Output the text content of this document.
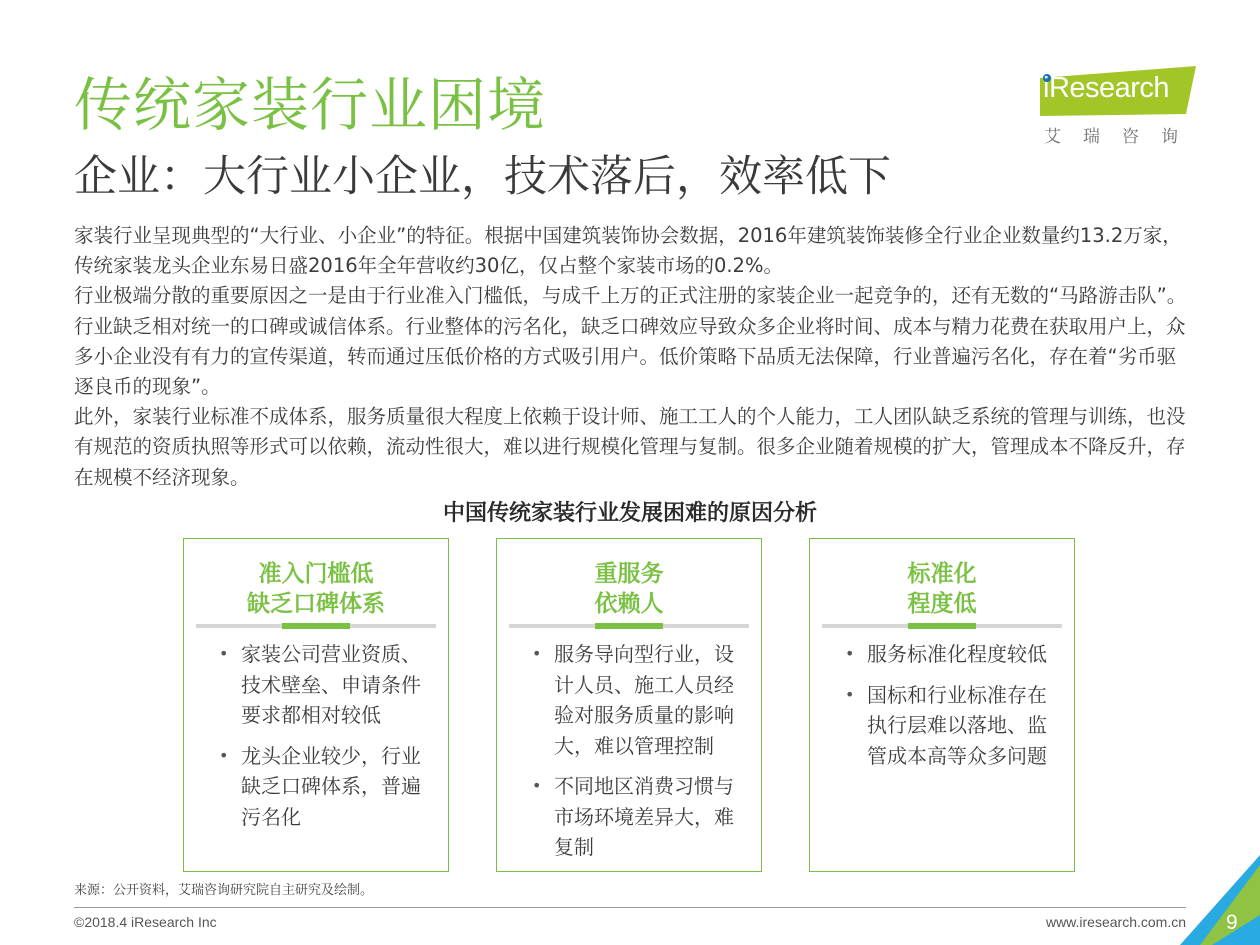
传统家装行业困境
企业：大行业小企业，技术落后，效率低下
iResearch
艾瑞咨询

家装行业呈现典型的“大行业、小企业”的特征。根据中国建筑装饰协会数据，2016年建筑装饰装修全行业企业数量约13.2万家，传统家装龙头企业东易日盛2016年全年营收约30亿，仅占整个家装市场的0.2%。

行业极端分散的重要原因之一是由于行业准入门槛低，与成千上万的正式注册的家装企业一起竞争的，还有无数的“马路游击队”。行业缺乏相对统一的口碑或诚信体系。行业整体的污名化，缺乏口碑效应导致众多企业将时间、成本与精力花费在获取用户上，众多小企业没有有力的宣传渠道，转而通过压低价格的方式吸引用户。低价策略下品质无法保障，行业普遍污名化，存在着“劣币驱逐良币的现象”。

此外，家装行业标准不成体系，服务质量很大程度上依赖于设计师、施工工人的个人能力，工人团队缺乏系统的管理与训练，也没有规范的资质执照等形式可以依赖，流动性很大，难以进行规模化管理与复制。很多企业随着规模的扩大，管理成本不降反升，存在规模不经济现象。

中国传统家装行业发展困难的原因分析
准入门槛低
缺乏口碑体系
• 家装公司营业资质、技术壁垒、申请条件要求都相对较低
• 龙头企业较少，行业缺乏口碑体系，普遍污名化
重服务
依赖人
• 服务导向型行业，设计人员、施工人员经验对服务质量的影响大，难以管理控制
• 不同地区消费习惯与市场环境差异大，难复制
标准化
程度低
• 服务标准化程度较低
• 国标和行业标准存在执行层难以落地、监管成本高等众多问题
来源：公开资料，艾瑞咨询研究院自主研究及绘制。
©2018.4 iResearch Inc	www.iresearch.com.cn 9
